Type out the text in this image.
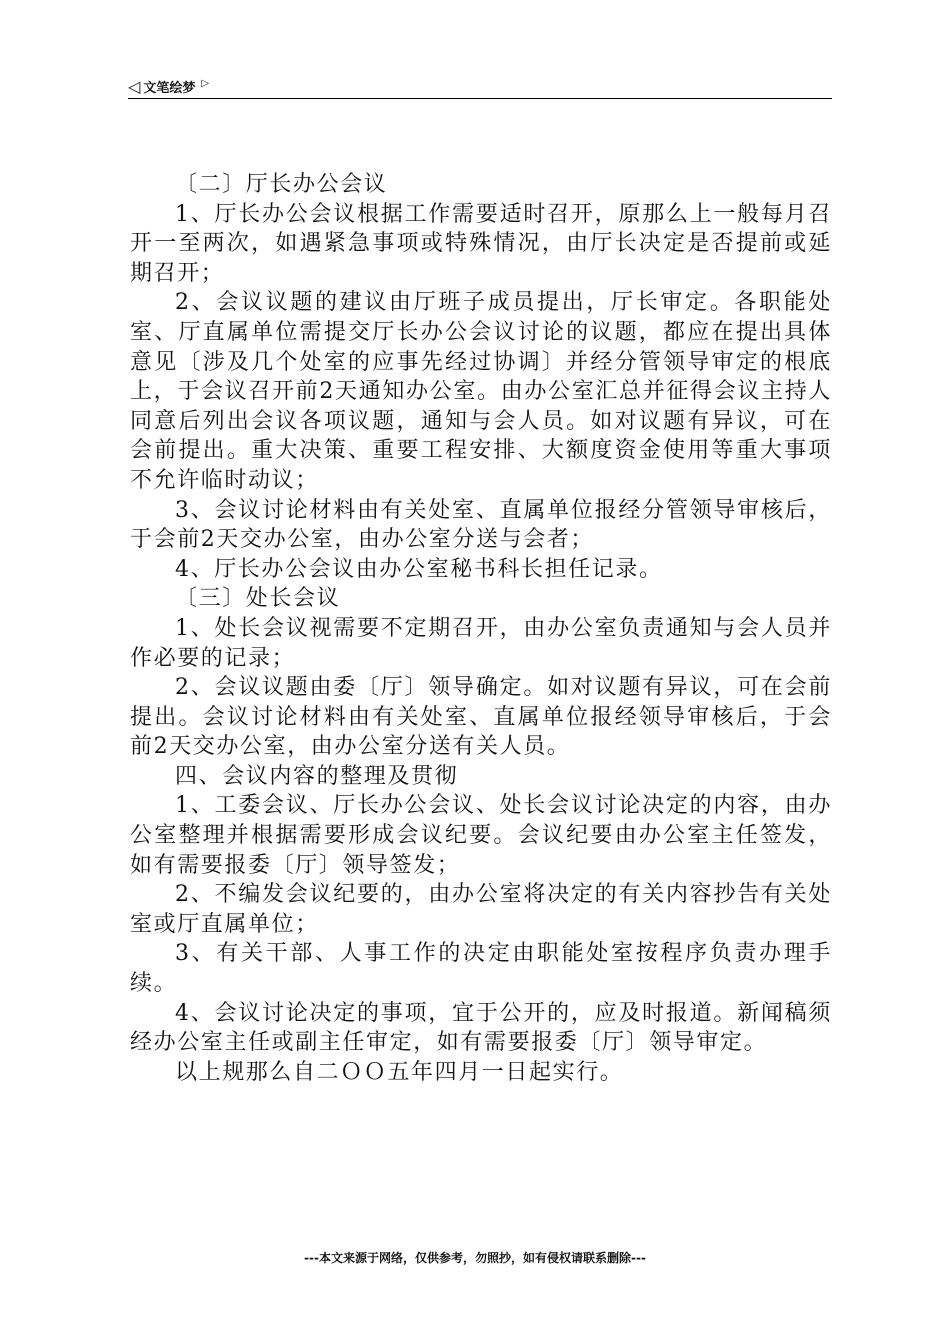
◁ 文笔绘梦 ▷

〔二〕厅长办公会议

1、厅长办公会议根据工作需要适时召开，原那么上一般每月召开一至两次，如遇紧急事项或特殊情况，由厅长决定是否提前或延期召开；

2、会议议题的建议由厅班子成员提出，厅长审定。各职能处室、厅直属单位需提交厅长办公会议讨论的议题，都应在提出具体意见〔涉及几个处室的应事先经过协调〕并经分管领导审定的根底上，于会议召开前2天通知办公室。由办公室汇总并征得会议主持人同意后列出会议各项议题，通知与会人员。如对议题有异议，可在会前提出。重大决策、重要工程安排、大额度资金使用等重大事项不允许临时动议；

3、会议讨论材料由有关处室、直属单位报经分管领导审核后，于会前2天交办公室，由办公室分送与会者；

4、厅长办公会议由办公室秘书科长担任记录。

〔三〕处长会议

1、处长会议视需要不定期召开，由办公室负责通知与会人员并作必要的记录；

2、会议议题由委〔厅〕领导确定。如对议题有异议，可在会前提出。会议讨论材料由有关处室、直属单位报经领导审核后，于会前2天交办公室，由办公室分送有关人员。

四、会议内容的整理及贯彻

1、工委会议、厅长办公会议、处长会议讨论决定的内容，由办公室整理并根据需要形成会议纪要。会议纪要由办公室主任签发，如有需要报委〔厅〕领导签发；

2、不编发会议纪要的，由办公室将决定的有关内容抄告有关处室或厅直属单位；

3、有关干部、人事工作的决定由职能处室按程序负责办理手续。

4、会议讨论决定的事项，宜于公开的，应及时报道。新闻稿须经办公室主任或副主任审定，如有需要报委〔厅〕领导审定。

以上规那么自二ＯＯ五年四月一日起实行。

---本文来源于网络，仅供参考，勿照抄，如有侵权请联系删除---
